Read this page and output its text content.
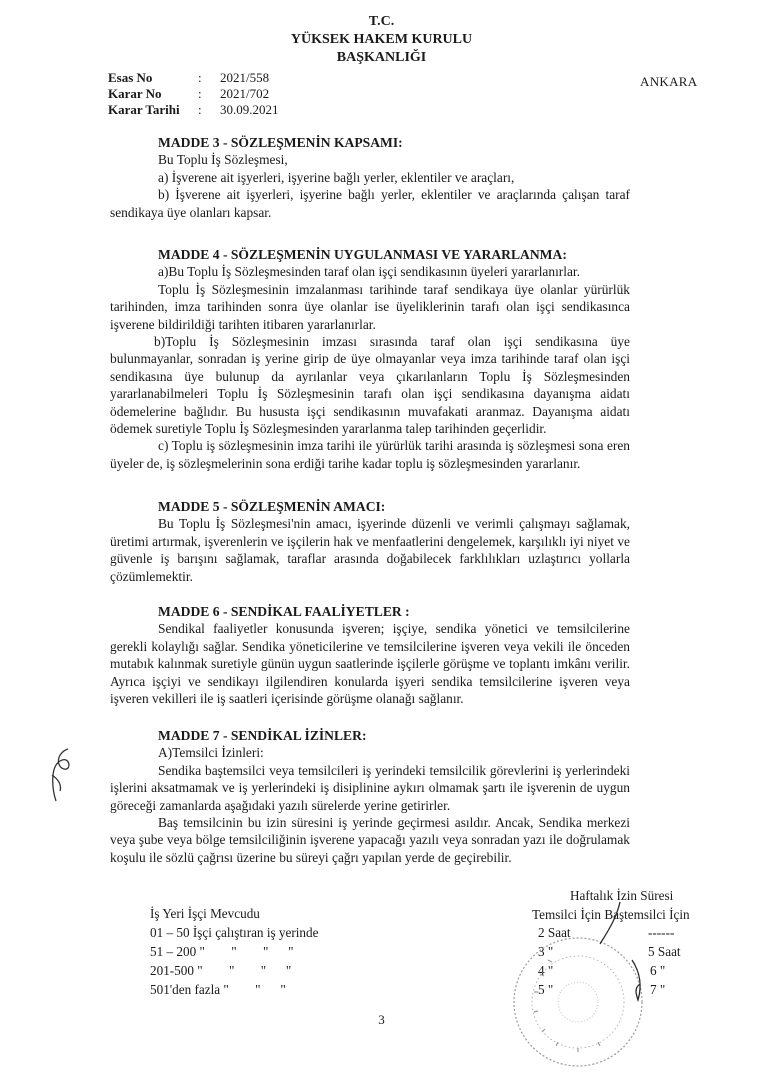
T.C.
YÜKSEK HAKEM KURULU
BAŞKANLIĞI
Esas No	:	2021/558
Karar No	:	2021/702
Karar Tarihi	:	30.09.2021
ANKARA
MADDE 3 - SÖZLEŞMENİN KAPSAMI:
Bu Toplu İş Sözleşmesi,
a) İşverene ait işyerleri, işyerine bağlı yerler, eklentiler ve araçları,
b) İşverene ait işyerleri, işyerine bağlı yerler, eklentiler ve araçlarında çalışan taraf sendikaya üye olanları kapsar.
MADDE 4 - SÖZLEŞMENİN UYGULANMASI VE YARARLANMA:
a)Bu Toplu İş Sözleşmesinden taraf olan işçi sendikasının üyeleri yararlanırlar.
Toplu İş Sözleşmesinin imzalanması tarihinde taraf sendikaya üye olanlar yürürlük tarihinden, imza tarihinden sonra üye olanlar ise üyeliklerinin tarafı olan işçi sendikasınca işverene bildirildiği tarihten itibaren yararlanırlar.
b)Toplu İş Sözleşmesinin imzası sırasında taraf olan işçi sendikasına üye bulunmayanlar, sonradan iş yerine girip de üye olmayanlar veya imza tarihinde taraf olan işçi sendikasına üye bulunup da ayrılanlar veya çıkarılanların Toplu İş Sözleşmesinden yararlanabilmeleri Toplu İş Sözleşmesinin tarafı olan işçi sendikasına dayanışma aidatı ödemelerine bağlıdır. Bu hususta işçi sendikasının muvafakati aranmaz. Dayanışma aidatı ödemek suretiyle Toplu İş Sözleşmesinden yararlanma talep tarihinden geçerlidir.
c) Toplu iş sözleşmesinin imza tarihi ile yürürlük tarihi arasında iş sözleşmesi sona eren üyeler de, iş sözleşmelerinin sona erdiği tarihe kadar toplu iş sözleşmesinden yararlanır.
MADDE 5 - SÖZLEŞMENİN AMACI:
Bu Toplu İş Sözleşmesi'nin amacı, işyerinde düzenli ve verimli çalışmayı sağlamak, üretimi artırmak, işverenlerin ve işçilerin hak ve menfaatlerini dengelemek, karşılıklı iyi niyet ve güvenle iş barışını sağlamak, taraflar arasında doğabilecek farklılıkları uzlaştırıcı yollarla çözümlemektir.
MADDE 6 - SENDİKAL FAALİYETLER :
Sendikal faaliyetler konusunda işveren; işçiye, sendika yönetici ve temsilcilerine gerekli kolaylığı sağlar. Sendika yöneticilerine ve temsilcilerine işveren veya vekili ile önceden mutabık kalınmak suretiyle günün uygun saatlerinde işçilerle görüşme ve toplantı imkânı verilir. Ayrıca işçiyi ve sendikayı ilgilendiren konularda işyeri sendika temsilcilerine işveren veya işveren vekilleri ile iş saatleri içerisinde görüşme olanağı sağlanır.
MADDE 7 - SENDİKAL İZİNLER:
A)Temsilci İzinleri:
Sendika baştemsilci veya temsilcileri iş yerindeki temsilcilik görevlerini iş yerlerindeki işlerini aksatmamak ve iş yerlerindeki iş disiplinine aykırı olmamak şartı ile işverenin de uygun göreceği zamanlarda aşağıdaki yazılı sürelerde yerine getirirler.
Baş temsilcinin bu izin süresini iş yerinde geçirmesi asıldır. Ancak, Sendika merkezi veya şube veya bölge temsilciliğinin işverene yapacağı yazılı veya sonradan yazı ile doğrulamak koşulu ile sözlü çağrısı üzerine bu süreyi çağrı yapılan yerde de geçirebilir.
İş Yeri İşçi Mevcudu
Haftalık İzin Süresi
Temsilci İçin Baştemsilci İçin
01 – 50 İşçi çalıştıran iş yerinde	2 Saat	------
51 – 200 "        "        "      "	3 "	5 Saat
201-500 "        "        "      "	4 "	6 "
501'den fazla "        "      "	5 "	7 "
3
